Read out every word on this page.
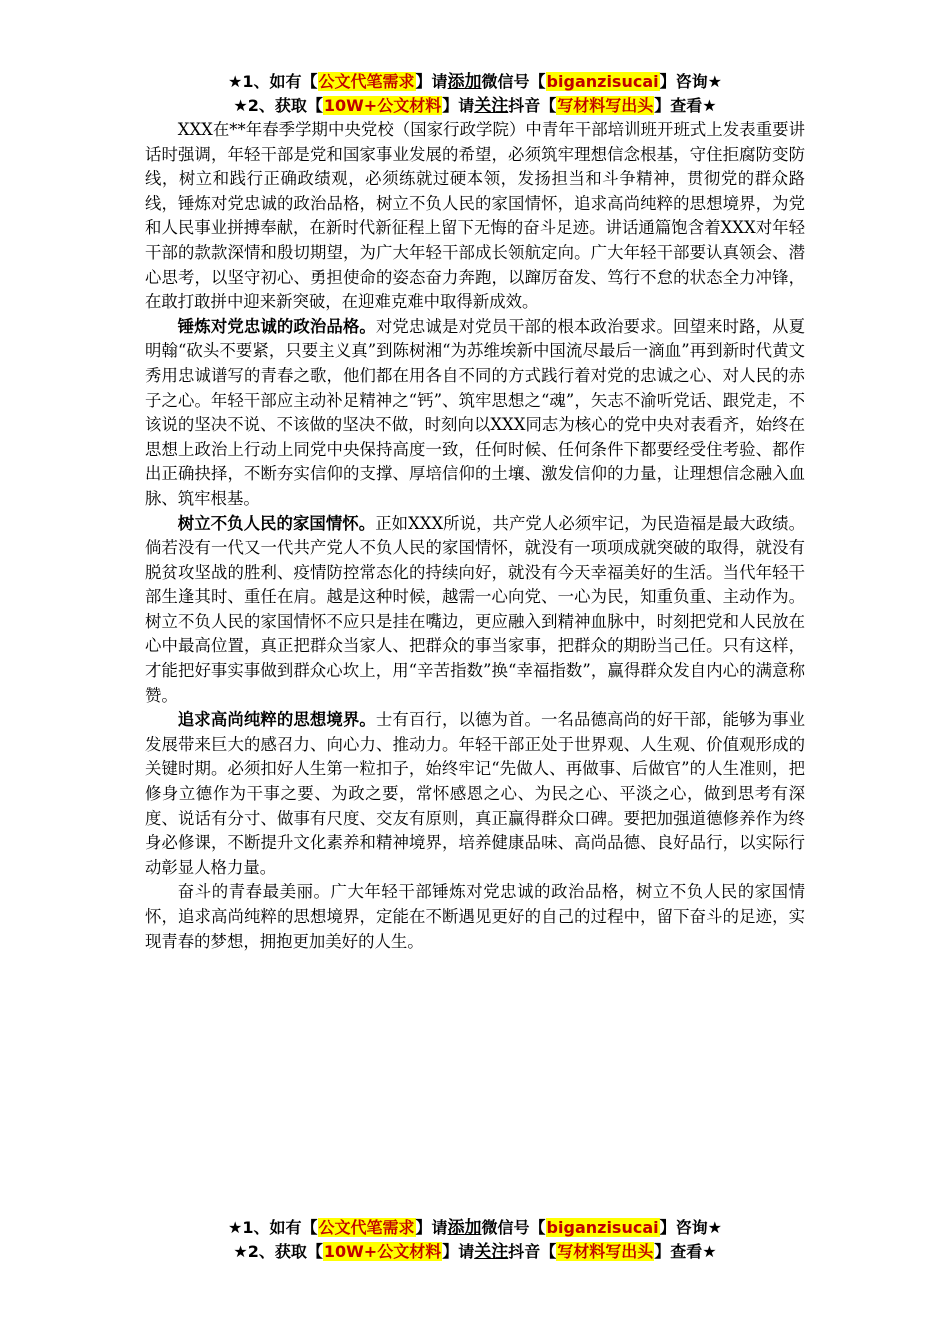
★1、如有【公文代笔需求】请添加微信号【biganzisucai】咨询★
★2、获取【10W+公文材料】请关注抖音【写材料写出头】查看★

XXX在**年春季学期中央党校（国家行政学院）中青年干部培训班开班式上发表重要讲话时强调，年轻干部是党和国家事业发展的希望，必须筑牢理想信念根基，守住拒腐防变防线，树立和践行正确政绩观，必须练就过硬本领，发扬担当和斗争精神，贯彻党的群众路线，锤炼对党忠诚的政治品格，树立不负人民的家国情怀，追求高尚纯粹的思想境界，为党和人民事业拼搏奉献，在新时代新征程上留下无悔的奋斗足迹。讲话通篇饱含着XXX对年轻干部的款款深情和殷切期望，为广大年轻干部成长领航定向。广大年轻干部要认真领会、潜心思考，以坚守初心、勇担使命的姿态奋力奔跑，以蹿厉奋发、笃行不怠的状态全力冲锋，在敢打敢拼中迎来新突破，在迎难克难中取得新成效。

锤炼对党忠诚的政治品格。对党忠诚是对党员干部的根本政治要求。回望来时路，从夏明翰“砍头不要紧，只要主义真”到陈树湘“为苏维埃新中国流尽最后一滴血”再到新时代黄文秀用忠诚谱写的青春之歌，他们都在用各自不同的方式践行着对党的忠诚之心、对人民的赤子之心。年轻干部应主动补足精神之“钙”、筑牢思想之“魂”，矢志不渝听党话、跟党走，不该说的坚决不说、不该做的坚决不做，时刻向以XXX同志为核心的党中央对表看齐，始终在思想上政治上行动上同党中央保持高度一致，任何时候、任何条件下都要经受住考验、都作出正确抉择，不断夯实信仰的支撑、厚培信仰的土壤、激发信仰的力量，让理想信念融入血脉、筑牢根基。

树立不负人民的家国情怀。正如XXX所说，共产党人必须牢记，为民造福是最大政绩。倘若没有一代又一代共产党人不负人民的家国情怀，就没有一项项成就突破的取得，就没有脱贫攻坚战的胜利、疫情防控常态化的持续向好，就没有今天幸福美好的生活。当代年轻干部生逢其时、重任在肩。越是这种时候，越需一心向党、一心为民，知重负重、主动作为。树立不负人民的家国情怀不应只是挂在嘴边，更应融入到精神血脉中，时刻把党和人民放在心中最高位置，真正把群众当家人、把群众的事当家事，把群众的期盼当己任。只有这样，才能把好事实事做到群众心坎上，用“辛苦指数”换“幸福指数”，赢得群众发自内心的满意称赞。

追求高尚纯粹的思想境界。士有百行，以德为首。一名品德高尚的好干部，能够为事业发展带来巨大的感召力、向心力、推动力。年轻干部正处于世界观、人生观、价值观形成的关键时期。必须扣好人生第一粒扣子，始终牢记“先做人、再做事、后做官”的人生准则，把修身立德作为干事之要、为政之要，常怀感恩之心、为民之心、平淡之心，做到思考有深度、说话有分寸、做事有尺度、交友有原则，真正赢得群众口碑。要把加强道德修养作为终身必修课，不断提升文化素养和精神境界，培养健康品味、高尚品德、良好品行，以实际行动彰显人格力量。

奋斗的青春最美丽。广大年轻干部锤炼对党忠诚的政治品格，树立不负人民的家国情怀，追求高尚纯粹的思想境界，定能在不断遇见更好的自己的过程中，留下奋斗的足迹，实现青春的梦想，拥抱更加美好的人生。

★1、如有【公文代笔需求】请添加微信号【biganzisucai】咨询★
★2、获取【10W+公文材料】请关注抖音【写材料写出头】查看★
